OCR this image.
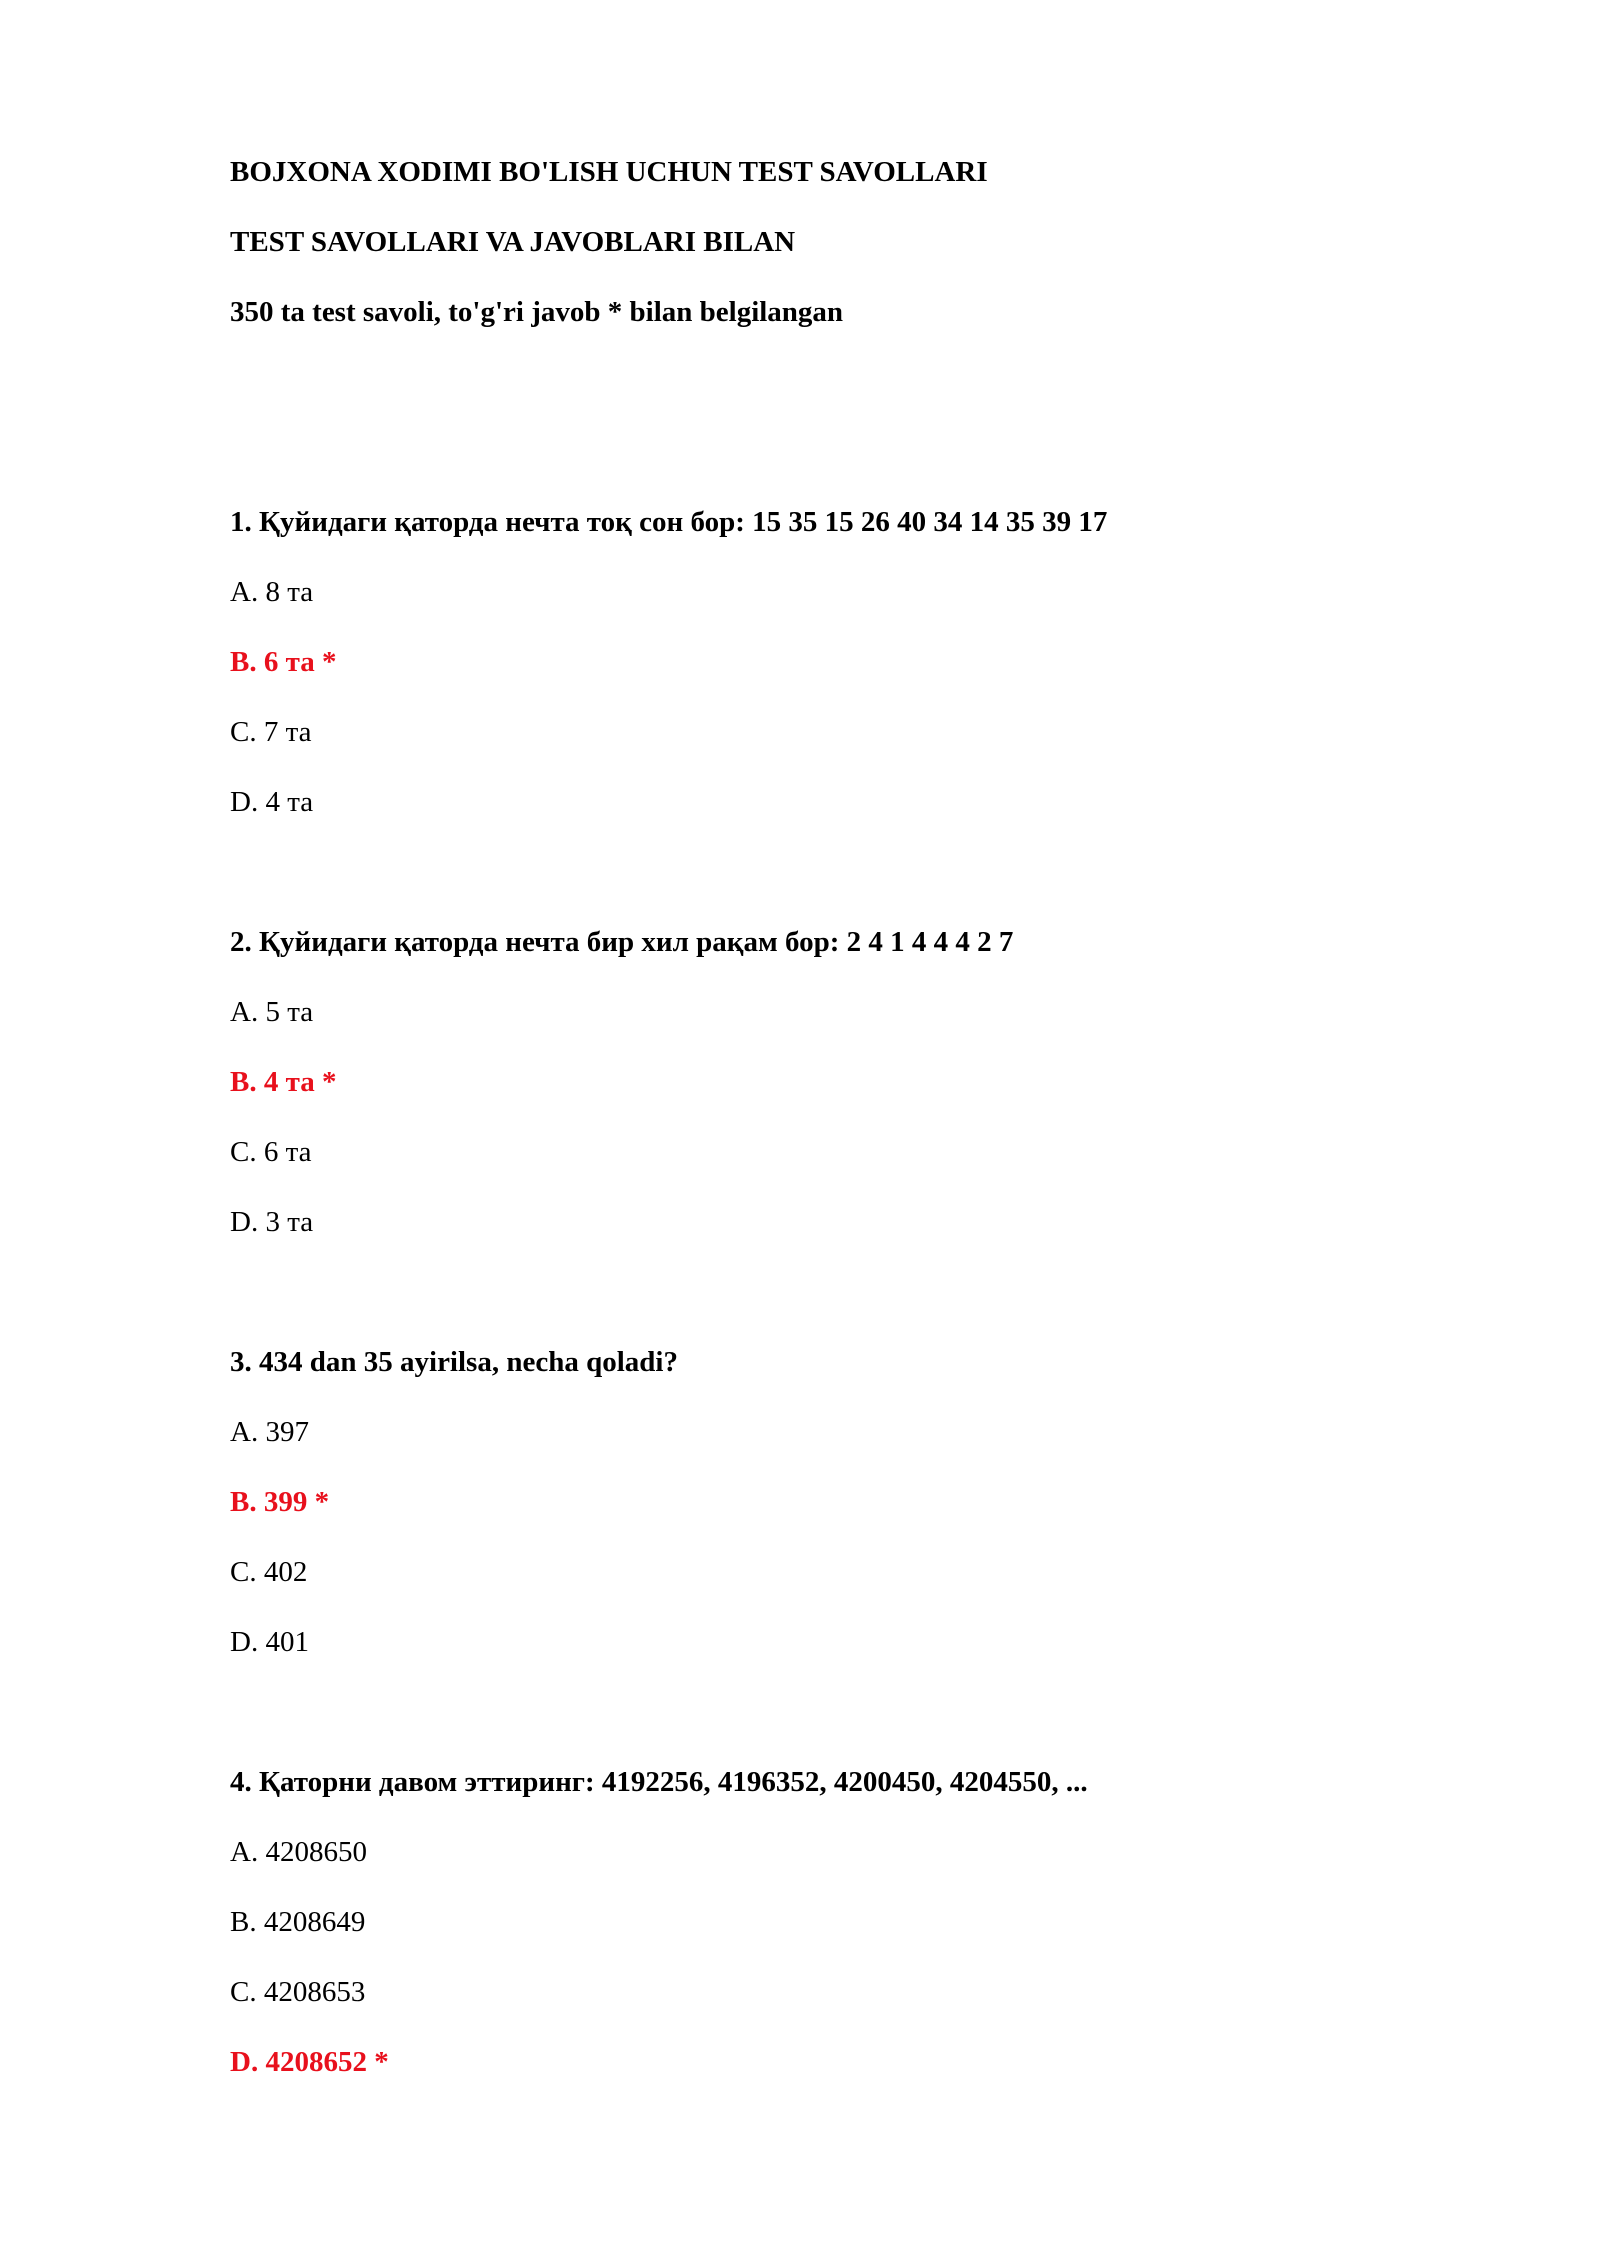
BOJXONA XODIMI BO'LISH UCHUN TEST SAVOLLARI
TEST SAVOLLARI VA JAVOBLARI BILAN
350 ta test savoli, to'g'ri javob * bilan belgilangan
1. Қуйидаги қаторда нечта тоқ сон бор: 15 35 15 26 40 34 14 35 39 17
A. 8 та
B. 6 та *
C. 7 та
D. 4 та
2. Қуйидаги қаторда нечта бир хил рақам бор: 2 4 1 4 4 4 2 7
A. 5 та
B. 4 та *
C. 6 та
D. 3 та
3. 434 dan 35 ayirilsa, necha qoladi?
A. 397
B. 399 *
C. 402
D. 401
4. Қаторни давом эттиринг: 4192256, 4196352, 4200450, 4204550, ...
A. 4208650
B. 4208649
C. 4208653
D. 4208652 *
